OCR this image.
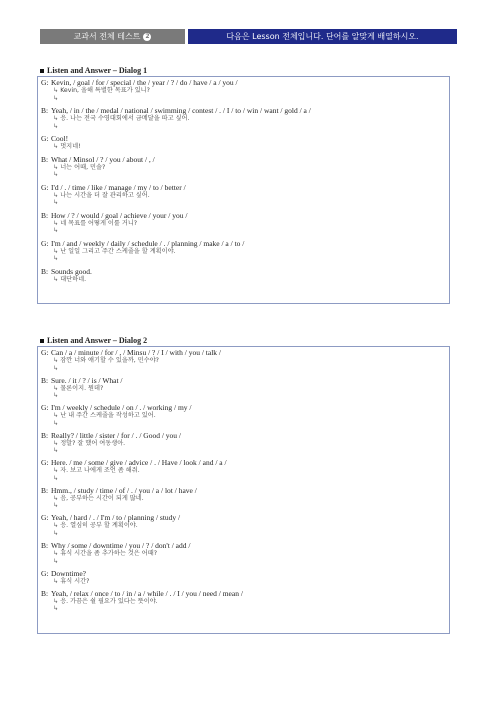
교과서 전체 테스트 2	다음은 Lesson 전체입니다. 단어를 알맞게 배열하시오.
Listen and Answer – Dialog 1
G: Kevin, / goal / for / special / the / year / ? / do / have / a / you /
↳ Kevin, 올해 특별한 목표가 있니?
↳
B: Yeah, / in / the / medal / national / swimming / contest / . / I / to / win / want / gold / a /
↳ 응. 나는 전국 수영대회에서 금메달을 따고 싶어.
↳
G: Cool!
↳ 멋지네!
B: What / Minsol / ? / you / about / , /
↳ 너는 어때, 민솔?
↳
G: I'd / . / time / like / manage / my / to / better /
↳ 나는 시간을 더 잘 관리하고 싶어.
↳
B: How / ? / would / goal / achieve / your / you /
↳ 네 목표를 어떻게 이룰 거니?
↳
G: I'm / and / weekly / daily / schedule / . / planning / make / a / to /
↳ 난 일일 그리고 주간 스케줄을 할 계획이야.
↳
B: Sounds good.
↳ 대단하네.
Listen and Answer – Dialog 2
G: Can / a / minute / for / , / Minsu / ? / I / with / you / talk /
↳ 잠깐 너와 얘기할 수 있을까, 민수야?
↳
B: Sure. / it / ? / is / What /
↳ 물론이지. 뭔데?
↳
G: I'm / weekly / schedule / on / . / working / my /
↳ 난 내 주간 스케줄을 작성하고 있어.
↳
B: Really? / little / sister / for / . / Good / you /
↳ 정말? 잘 했어 여동생아.
↳
G: Here. / me / some / give / advice / . / Have / look / and / a /
↳ 자. 보고 나에게 조언 좀 해줘.
↳
B: Hmm., / study / time / of / . / you / a / lot / have /
↳ 음, 공부하는 시간이 되게 많네.
↳
G: Yeah, / hard / . / I'm / to / planning / study /
↳ 응. 열심히 공부 할 계획이야.
↳
B: Why / some / downtime / you / ? / don't / add /
↳ 휴식 시간을 좀 추가하는 것은 어때?
↳
G: Downtime?
↳ 휴식 시간?
B: Yeah, / relax / once / to / in / a / while / . / I / you / need / mean /
↳ 응. 가끔은 쉴 필요가 있다는 뜻이야.
↳
